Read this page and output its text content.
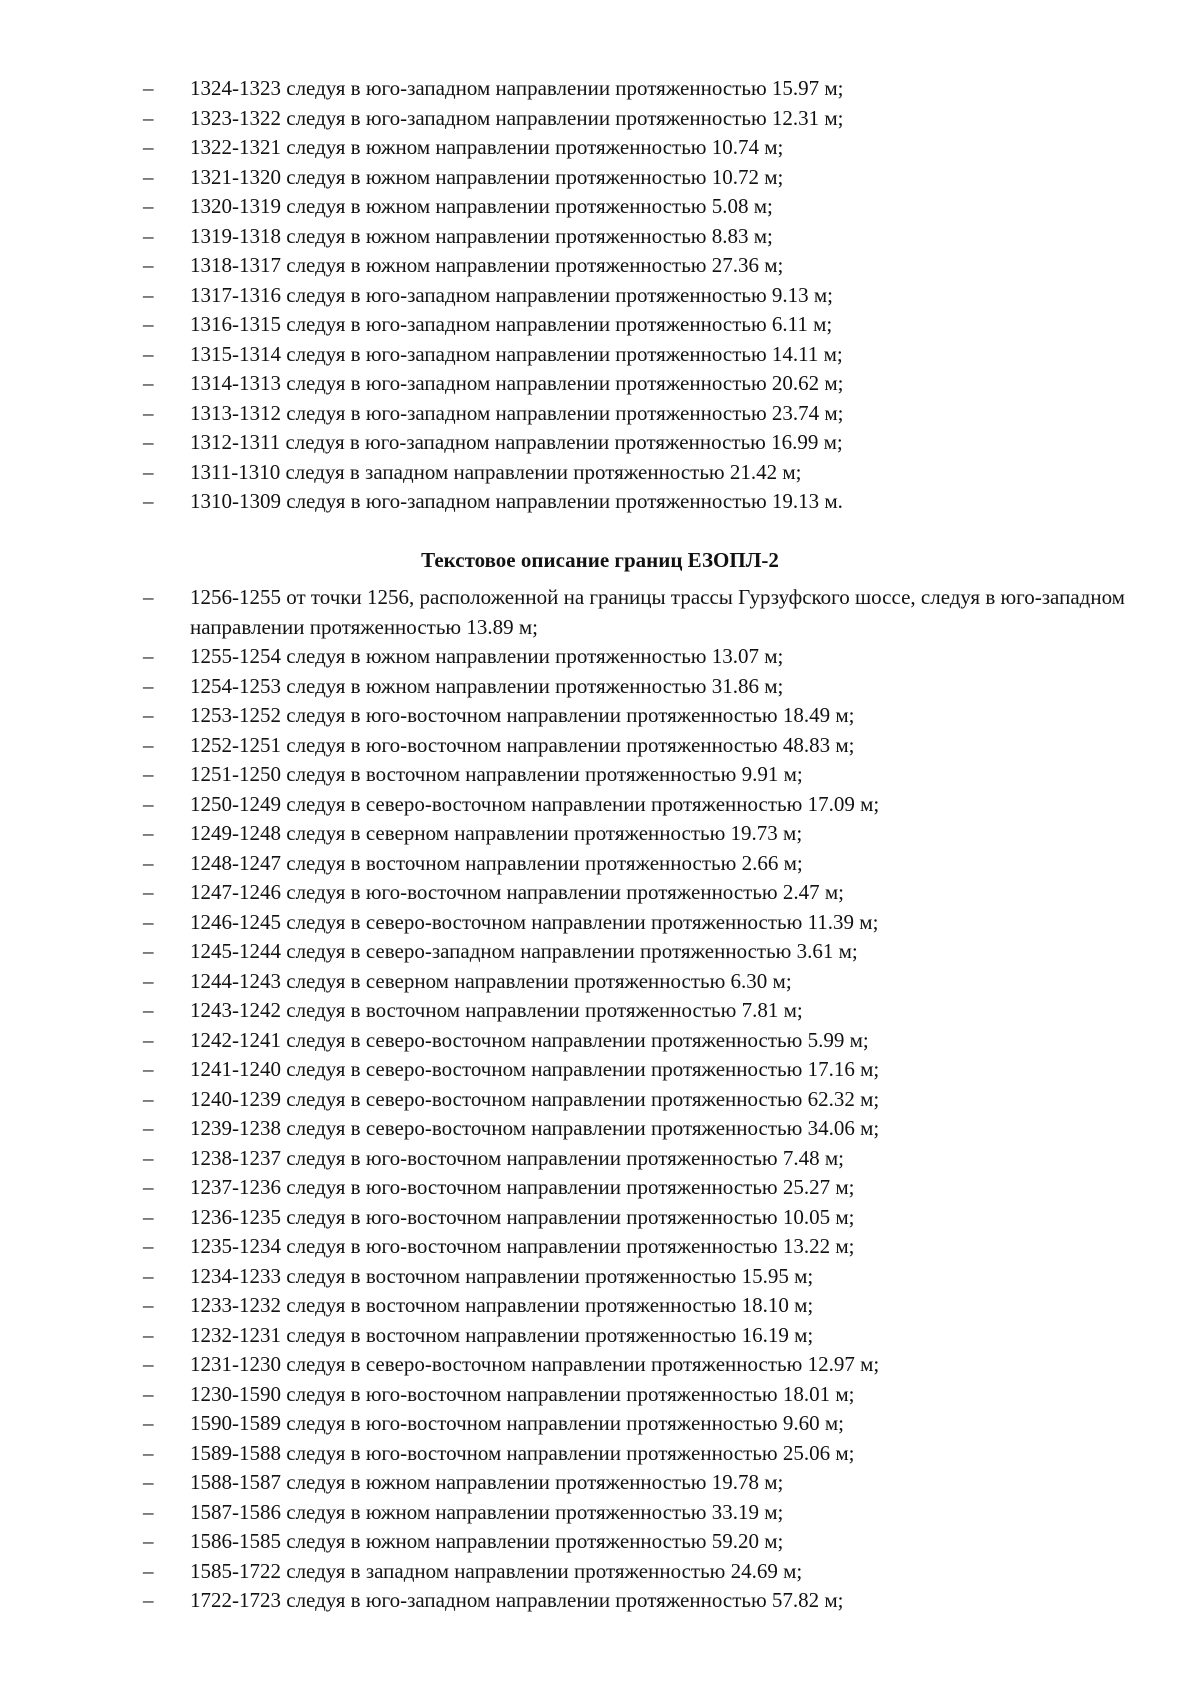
– 1324-1323 следуя в юго-западном направлении протяженностью 15.97 м;
– 1323-1322 следуя в юго-западном направлении протяженностью 12.31 м;
– 1322-1321 следуя в южном направлении протяженностью 10.74 м;
– 1321-1320 следуя в южном направлении протяженностью 10.72 м;
– 1320-1319 следуя в южном направлении протяженностью 5.08 м;
– 1319-1318 следуя в южном направлении протяженностью 8.83 м;
– 1318-1317 следуя в южном направлении протяженностью 27.36 м;
– 1317-1316 следуя в юго-западном направлении протяженностью 9.13 м;
– 1316-1315 следуя в юго-западном направлении протяженностью 6.11 м;
– 1315-1314 следуя в юго-западном направлении протяженностью 14.11 м;
– 1314-1313 следуя в юго-западном направлении протяженностью 20.62 м;
– 1313-1312 следуя в юго-западном направлении протяженностью 23.74 м;
– 1312-1311 следуя в юго-западном направлении протяженностью 16.99 м;
– 1311-1310 следуя в западном направлении протяженностью 21.42 м;
– 1310-1309 следуя в юго-западном направлении протяженностью 19.13 м.
Текстовое описание границ ЕЗОПЛ-2
– 1256-1255 от точки 1256, расположенной на границы трассы Гурзуфского шоссе, следуя в юго-западном направлении протяженностью 13.89 м;
– 1255-1254 следуя в южном направлении протяженностью 13.07 м;
– 1254-1253 следуя в южном направлении протяженностью 31.86 м;
– 1253-1252 следуя в юго-восточном направлении протяженностью 18.49 м;
– 1252-1251 следуя в юго-восточном направлении протяженностью 48.83 м;
– 1251-1250 следуя в восточном направлении протяженностью 9.91 м;
– 1250-1249 следуя в северо-восточном направлении протяженностью 17.09 м;
– 1249-1248 следуя в северном направлении протяженностью 19.73 м;
– 1248-1247 следуя в восточном направлении протяженностью 2.66 м;
– 1247-1246 следуя в юго-восточном направлении протяженностью 2.47 м;
– 1246-1245 следуя в северо-восточном направлении протяженностью 11.39 м;
– 1245-1244 следуя в северо-западном направлении протяженностью 3.61 м;
– 1244-1243 следуя в северном направлении протяженностью 6.30 м;
– 1243-1242 следуя в восточном направлении протяженностью 7.81 м;
– 1242-1241 следуя в северо-восточном направлении протяженностью 5.99 м;
– 1241-1240 следуя в северо-восточном направлении протяженностью 17.16 м;
– 1240-1239 следуя в северо-восточном направлении протяженностью 62.32 м;
– 1239-1238 следуя в северо-восточном направлении протяженностью 34.06 м;
– 1238-1237 следуя в юго-восточном направлении протяженностью 7.48 м;
– 1237-1236 следуя в юго-восточном направлении протяженностью 25.27 м;
– 1236-1235 следуя в юго-восточном направлении протяженностью 10.05 м;
– 1235-1234 следуя в юго-восточном направлении протяженностью 13.22 м;
– 1234-1233 следуя в восточном направлении протяженностью 15.95 м;
– 1233-1232 следуя в восточном направлении протяженностью 18.10 м;
– 1232-1231 следуя в восточном направлении протяженностью 16.19 м;
– 1231-1230 следуя в северо-восточном направлении протяженностью 12.97 м;
– 1230-1590 следуя в юго-восточном направлении протяженностью 18.01 м;
– 1590-1589 следуя в юго-восточном направлении протяженностью 9.60 м;
– 1589-1588 следуя в юго-восточном направлении протяженностью 25.06 м;
– 1588-1587 следуя в южном направлении протяженностью 19.78 м;
– 1587-1586 следуя в южном направлении протяженностью 33.19 м;
– 1586-1585 следуя в южном направлении протяженностью 59.20 м;
– 1585-1722 следуя в западном направлении протяженностью 24.69 м;
– 1722-1723 следуя в юго-западном направлении протяженностью 57.82 м;
